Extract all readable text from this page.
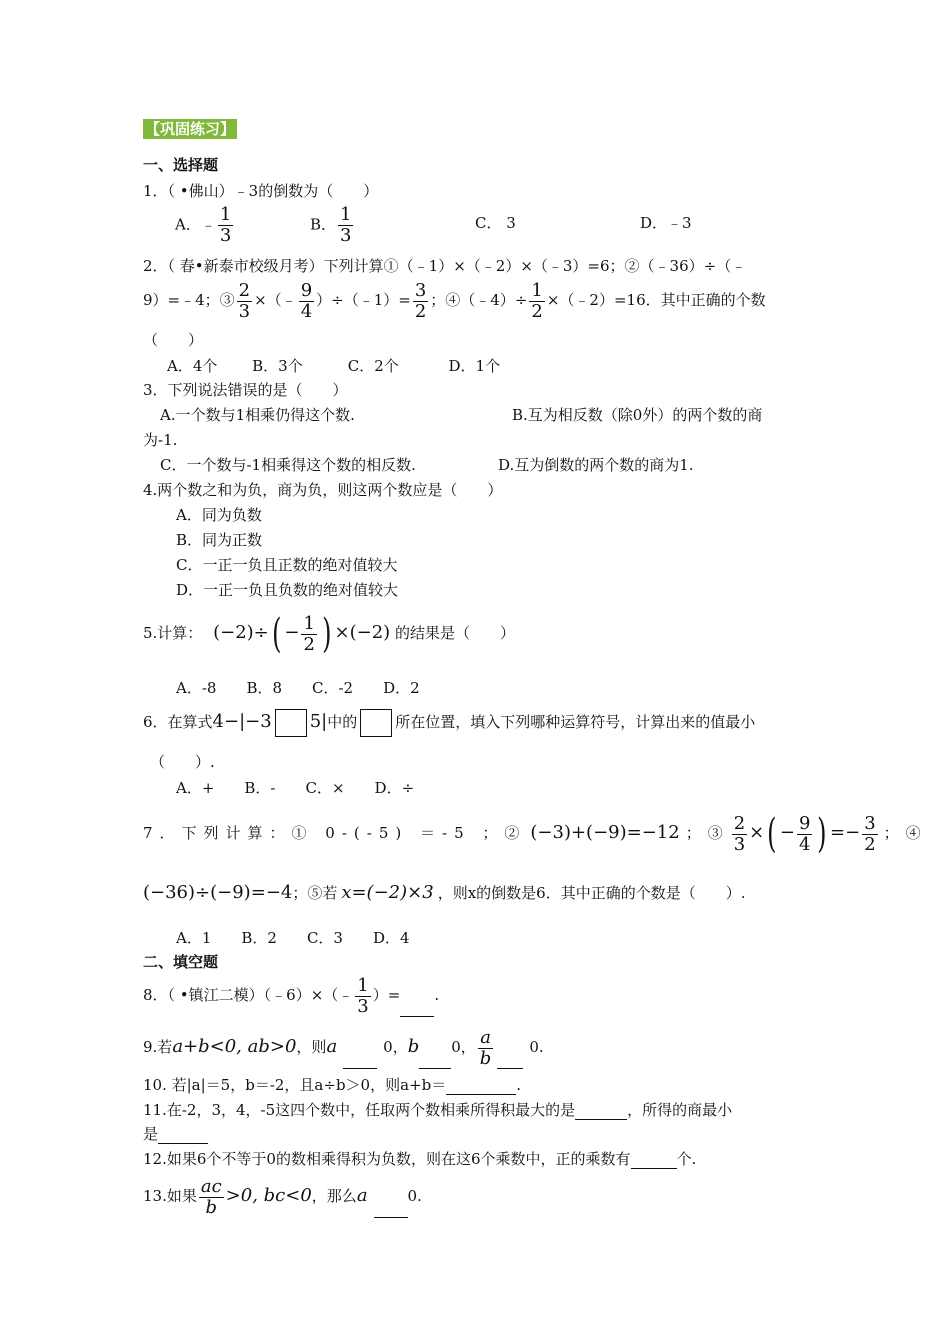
【巩固练习】
一、选择题
1．（ •佛山）﹣3的倒数为（　　）
A．﹣ $\frac{1}{3}$	B． $\frac{1}{3}$	C． 3	D．﹣3
2．（ 春•新泰市校级月考）下列计算①（﹣1）×（﹣2）×（﹣3）=6；②（﹣36）÷（﹣
9）=﹣4；③ $\frac{2}{3}$ ×（﹣ $\frac{9}{4}$ ）÷（﹣1）= $\frac{3}{2}$ ；④（﹣4）÷ $\frac{1}{2}$ ×（﹣2）=16．其中正确的个数
（　　）
A．4个　　 B．3个　　　C．2个　　　 D．1个
3．下列说法错误的是（　　）
A.一个数与1相乘仍得这个数.	B.互为相反数（除0外）的两个数的商
为-1.
C．一个数与-1相乘得这个数的相反数.	D.互为倒数的两个数的商为1.
4.两个数之和为负，商为负，则这两个数应是（　　）
A．同为负数
B．同为正数
C．一正一负且正数的绝对值较大
D．一正一负且负数的绝对值较大
5.计算： $(-2)\div( - \frac{1}{2}$ ) ×(−2) 的结果是（　　）
A．-8　　B．8　　C．-2　　D．2
6．在算式4−|−3 5|中的	所在位置，填入下列哪种运算符号，计算出来的值最小
（　　）.
A．+　　B．-　　C．×　　D．÷
7．下列计算：① 0-(-5) ＝-5 ；② (−3)+(−9)=−12 ；③ $\frac{2}{3}$ ×( − $\frac{9}{4}$ ) =− $\frac{3}{2}$ ；④
(−36)÷(−9)=−4；⑤若 x=(−2)×3 ，则x的倒数是6．其中正确的个数是（　　）.
A．1　　B．2　　C．3　　D．4
二、填空题
8．（ •镇江二模）（﹣6）×（﹣ $\frac{1}{3}$ ）= .
9.若a+b<0, ab>0，则a	0，b 0， $\frac{a}{b} 0$.
10. 若|a|＝5，b＝-2，且a÷b＞0，则a+b＝	.
11.在-2，3，4，-5这四个数中，任取两个数相乘所得积最大的是	，所得的商最小
是
12.如果6个不等于0的数相乘得积为负数，则在这6个乘数中，正的乘数有	个.
13.如果 $\frac{ac}{b} >0$, bc<0，那么a	0.
